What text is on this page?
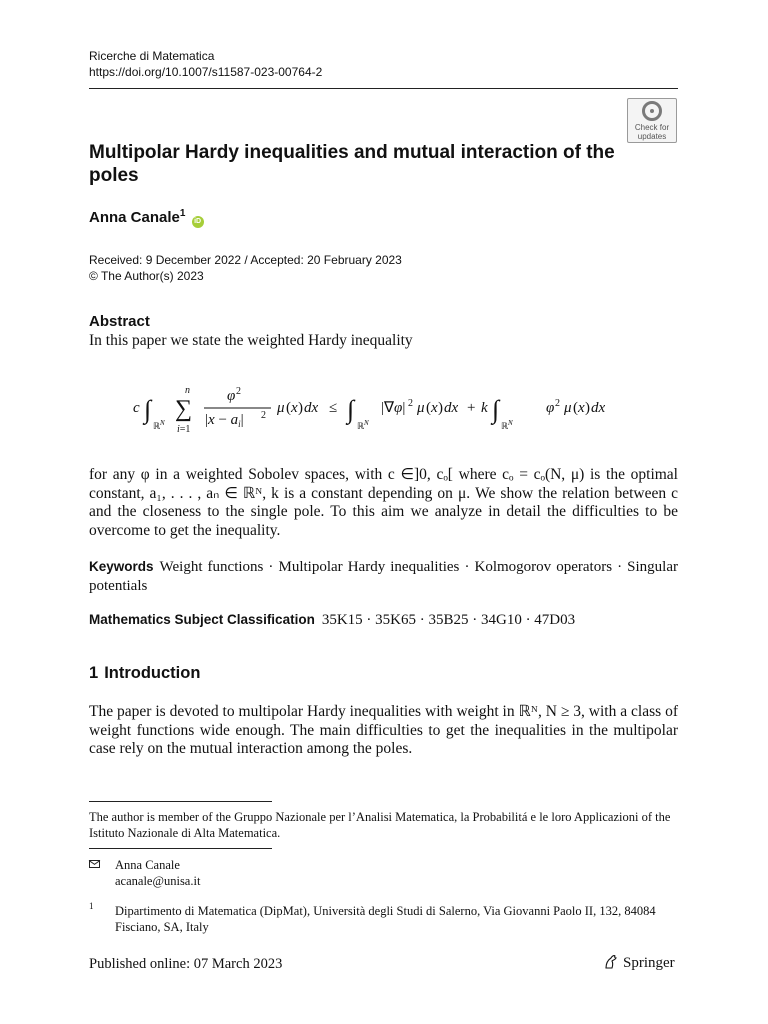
Ricerche di Matematica
https://doi.org/10.1007/s11587-023-00764-2
Check for
updates
Multipolar Hardy inequalities and mutual interaction of the poles
Anna Canale$^1$ iD
Received: 9 December 2022 / Accepted: 20 February 2023
© The Author(s) 2023
Abstract

In this paper we state the weighted Hardy inequality

c ∫
ℝ N
n
∑
i=1
φ 2
$|x - a_i|$ 2 μ ( x ) dx ≤ ∫
ℝ N
|∇φ| 2 μ ( x ) dx + k ∫
ℝ N
φ 2 μ ( x ) dx

for any φ in a weighted Sobolev spaces, with c ∈]0, cₒ[ where cₒ = cₒ(N, μ) is the optimal constant, a₁, . . . , aₙ ∈ ℝᴺ, k is a constant depending on μ. We show the relation between c and the closeness to the single pole. To this aim we analyze in detail the difficulties to be overcome to get the inequality.

Keywords Weight functions · Multipolar Hardy inequalities · Kolmogorov operators · Singular potentials

Mathematics Subject Classification 35K15 · 35K65 · 35B25 · 34G10 · 47D03
1 Introduction

The paper is devoted to multipolar Hardy inequalities with weight in ℝᴺ, N ≥ 3, with a class of weight functions wide enough. The main difficulties to get the inequalities in the multipolar case rely on the mutual interaction among the poles.

The author is member of the Gruppo Nazionale per l’Analisi Matematica, la Probabilitá e le loro Applicazioni of the Istituto Nazionale di Alta Matematica.

Anna Canale
acanale@unisa.it
1 Dipartimento di Matematica (DipMat), Università degli Studi di Salerno, Via Giovanni Paolo II, 132, 84084 Fisciano, SA, Italy
Published online: 07 March 2023	Springer
